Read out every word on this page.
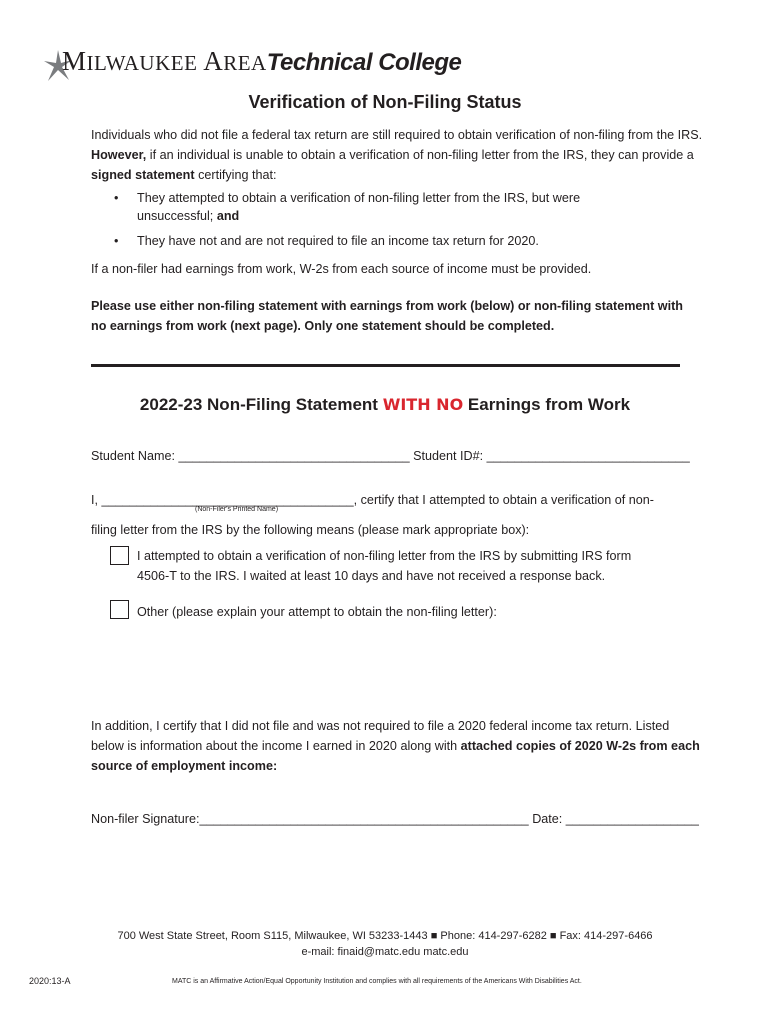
MILWAUKEE AREATechnical College
Verification of Non-Filing Status
Individuals who did not file a federal tax return are still required to obtain verification of non-filing from the IRS.
However, if an individual is unable to obtain a verification of non-filing letter from the IRS, they can provide a
signed statement certifying that:
• They attempted to obtain a verification of non-filing letter from the IRS, but were
unsuccessful; and
• They have not and are not required to file an income tax return for 2020.
If a non-filer had earnings from work, W-2s from each source of income must be provided.
Please use either non-filing statement with earnings from work (below) or non-filing statement with
no earnings from work (next page). Only one statement should be completed.
2022-23 Non-Filing Statement WITH NO Earnings from Work
Student Name: _________________________________ Student ID#: _____________________________
I, ____________________________________, certify that I attempted to obtain a verification of non-
(Non-Filer's Printed Name)
filing letter from the IRS by the following means (please mark appropriate box):
I attempted to obtain a verification of non-filing letter from the IRS by submitting IRS form
4506-T to the IRS. I waited at least 10 days and have not received a response back.
Other (please explain your attempt to obtain the non-filing letter):
In addition, I certify that I did not file and was not required to file a 2020 federal income tax return. Listed
below is information about the income I earned in 2020 along with attached copies of 2020 W-2s from each
source of employment income:
Non-filer Signature:_______________________________________________ Date: ___________________
700 West State Street, Room S115, Milwaukee, WI 53233-1443 ■ Phone: 414-297-6282 ■ Fax: 414-297-6466
e-mail: finaid@matc.edu matc.edu
2020:13-A	MATC is an Affirmative Action/Equal Opportunity Institution and complies with all requirements of the Americans With Disabilities Act.
